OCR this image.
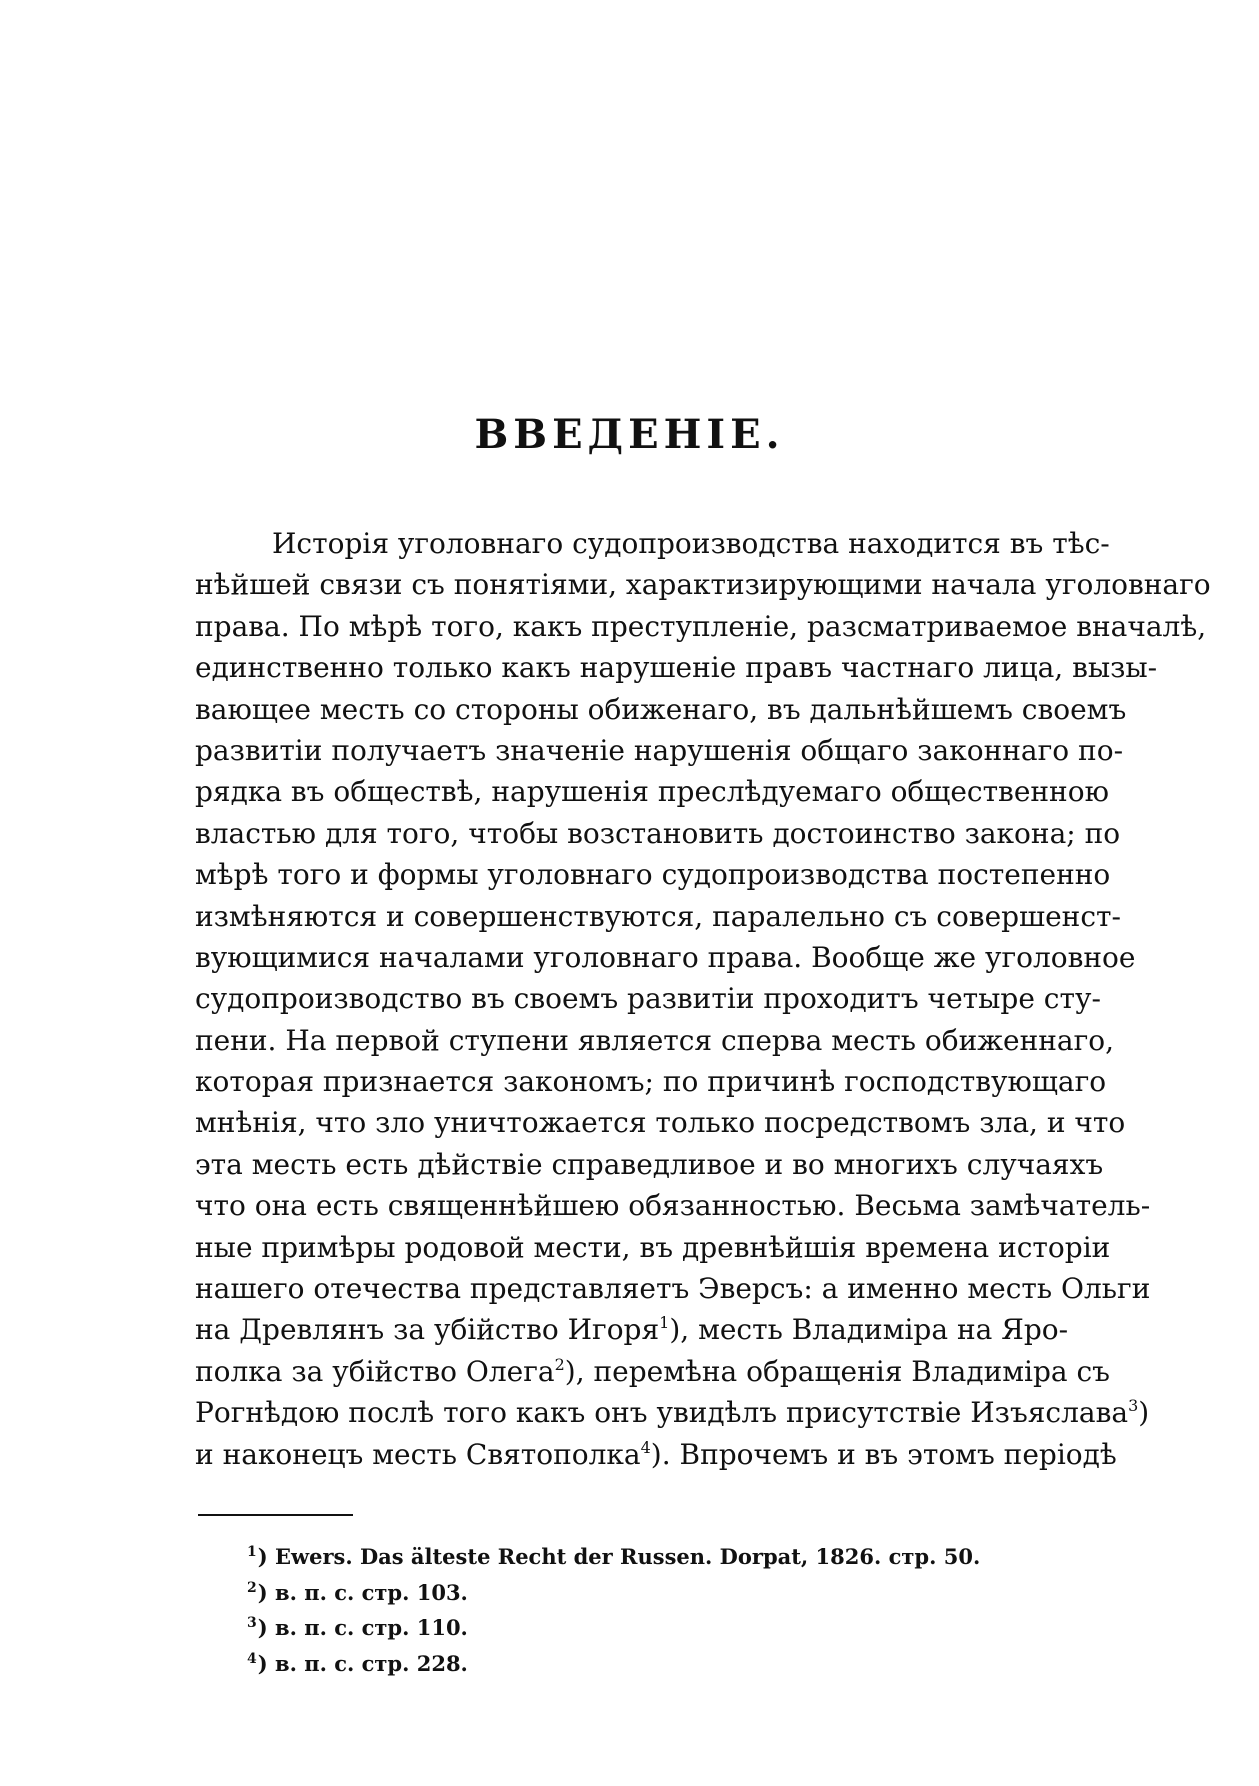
ВВЕДЕНІЕ.
Исторія уголовнаго судопроизводства находится въ тѣс-
нѣйшей связи съ понятіями, характизирующими начала уголовнаго
права. По мѣрѣ того, какъ преступленіе, разсматриваемое вначалѣ,
единственно только какъ нарушеніе правъ частнаго лица, вызы-
вающее месть со стороны обиженаго, въ дальнѣйшемъ своемъ
развитіи получаетъ значеніе нарушенія общаго законнаго по-
рядка въ обществѣ, нарушенія преслѣдуемаго общественною
властью для того, чтобы возстановить достоинство закона; по
мѣрѣ того и формы уголовнаго судопроизводства постепенно
измѣняются и совершенствуются, паралельно съ совершенст-
вующимися началами уголовнаго права. Вообще же уголовное
судопроизводство въ своемъ развитіи проходитъ четыре сту-
пени. На первой ступени является сперва месть обиженнаго,
которая признается закономъ; по причинѣ господствующаго
мнѣнія, что зло уничтожается только посредствомъ зла, и что
эта месть есть дѣйствіе справедливое и во многихъ случаяхъ
что она есть священнѣйшею обязанностью. Весьма замѣчатель-
ные примѣры родовой мести, въ древнѣйшія времена исторіи
нашего отечества представляетъ Эверсъ: а именно месть Ольги
на Древлянъ за убійство Игоря$^1$), месть Владиміра на Яро-
полка за убійство Олега$^2$), перемѣна обращенія Владиміра съ
Рогнѣдою послѣ того какъ онъ увидѣлъ присутствіе Изъяслава$^3$)
и наконецъ месть Святополка$^4$). Впрочемъ и въ этомъ періодѣ
$^1$) Ewers. Das älteste Recht der Russen. Dorpat, 1826. стр. 50.
$^2$) в. п. с. стр. 103.
$^3$) в. п. с. стр. 110.
$^4$) в. п. с. стр. 228.
